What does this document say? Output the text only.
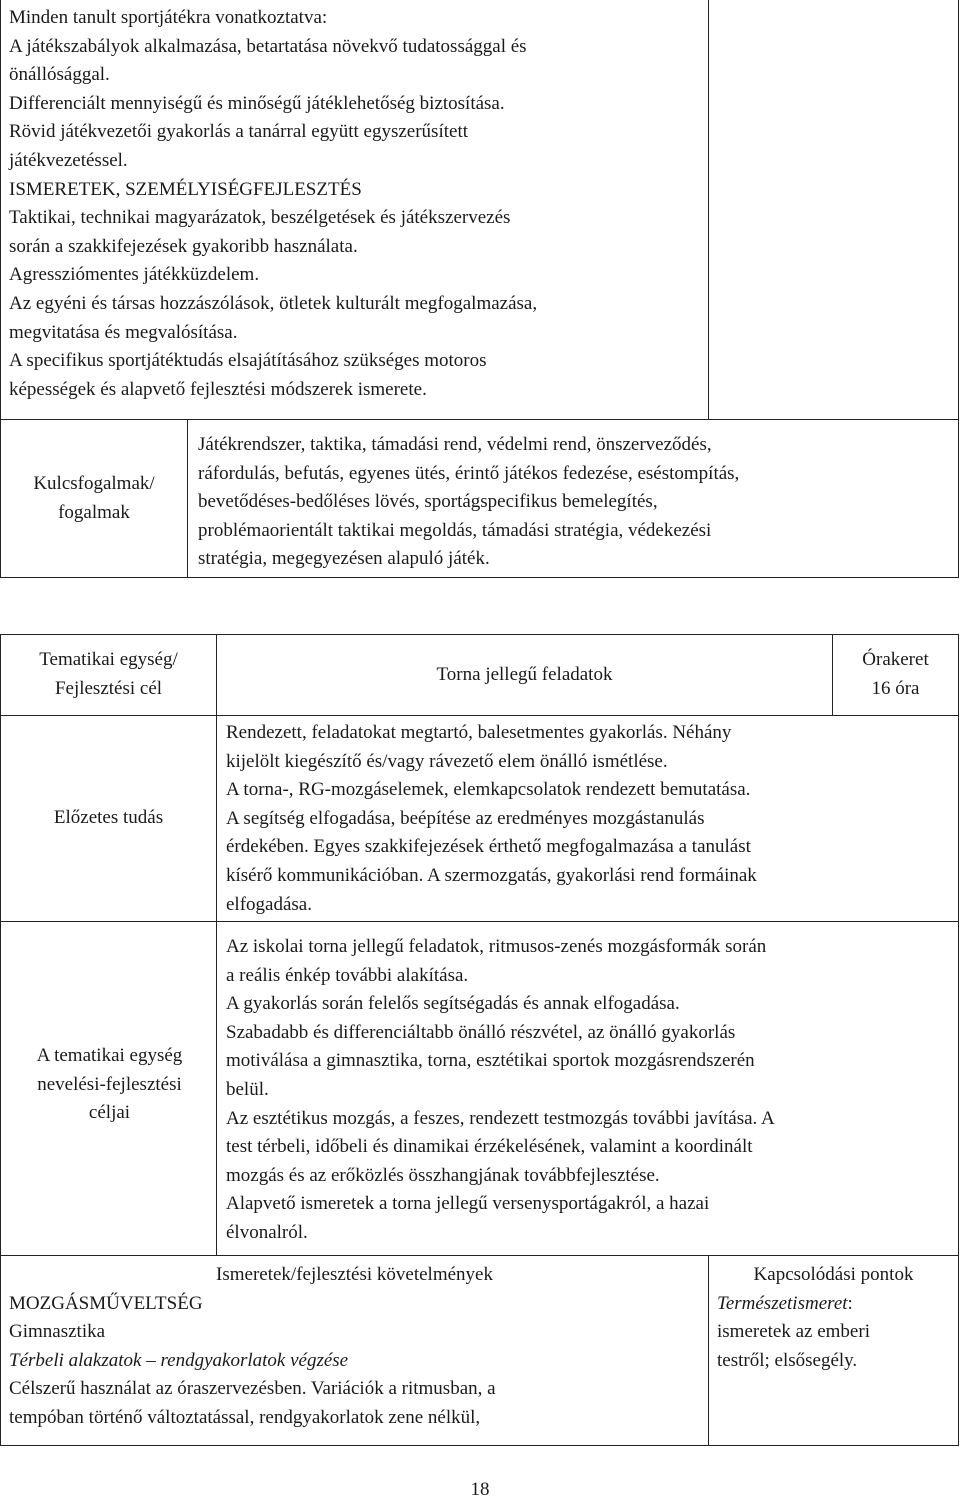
Minden tanult sportjátékra vonatkoztatva:
A játékszabályok alkalmazása, betartatása növekvő tudatossággal és
önállósággal.
Differenciált mennyiségű és minőségű játéklehetőség biztosítása.
Rövid játékvezetői gyakorlás a tanárral együtt egyszerűsített
játékvezetéssel.
ISMERETEK, SZEMÉLYISÉGFEJLESZTÉS
Taktikai, technikai magyarázatok, beszélgetések és játékszervezés
során a szakkifejezések gyakoribb használata.
Agressziómentes játékküzdelem.
Az egyéni és társas hozzászólások, ötletek kulturált megfogalmazása,
megvitatása és megvalósítása.
A specifikus sportjátéktudás elsajátításához szükséges motoros
képességek és alapvető fejlesztési módszerek ismerete.
Kulcsfogalmak/
fogalmak
Játékrendszer, taktika, támadási rend, védelmi rend, önszerveződés,
ráfordulás, befutás, egyenes ütés, érintő játékos fedezése, eséstompítás,
bevetődéses-bedőléses lövés, sportágspecifikus bemelegítés,
problémaorientált taktikai megoldás, támadási stratégia, védekezési
stratégia, megegyezésen alapuló játék.
Tematikai egység/
Fejlesztési cél
Torna jellegű feladatok
Órakeret
16 óra
Előzetes tudás
Rendezett, feladatokat megtartó, balesetmentes gyakorlás. Néhány
kijelölt kiegészítő és/vagy rávezető elem önálló ismétlése.
A torna-, RG-mozgáselemek, elemkapcsolatok rendezett bemutatása.
A segítség elfogadása, beépítése az eredményes mozgástanulás
érdekében. Egyes szakkifejezések érthető megfogalmazása a tanulást
kísérő kommunikációban. A szermozgatás, gyakorlási rend formáinak
elfogadása.
A tematikai egység
nevelési-fejlesztési
céljai
Az iskolai torna jellegű feladatok, ritmusos-zenés mozgásformák során
a reális énkép további alakítása.
A gyakorlás során felelős segítségadás és annak elfogadása.
Szabadabb és differenciáltabb önálló részvétel, az önálló gyakorlás
motiválása a gimnasztika, torna, esztétikai sportok mozgásrendszerén
belül.
Az esztétikus mozgás, a feszes, rendezett testmozgás további javítása. A
test térbeli, időbeli és dinamikai érzékelésének, valamint a koordinált
mozgás és az erőközlés összhangjának továbbfejlesztése.
Alapvető ismeretek a torna jellegű versenysportágakról, a hazai
élvonalról.
Ismeretek/fejlesztési követelmények
MOZGÁSMŰVELTSÉG
Gimnasztika
Térbeli alakzatok – rendgyakorlatok végzése
Célszerű használat az óraszervezésben. Variációk a ritmusban, a
tempóban történő változtatással, rendgyakorlatok zene nélkül,
Kapcsolódási pontok
Természetismeret:
ismeretek az emberi
testről; elsősegély.
18
